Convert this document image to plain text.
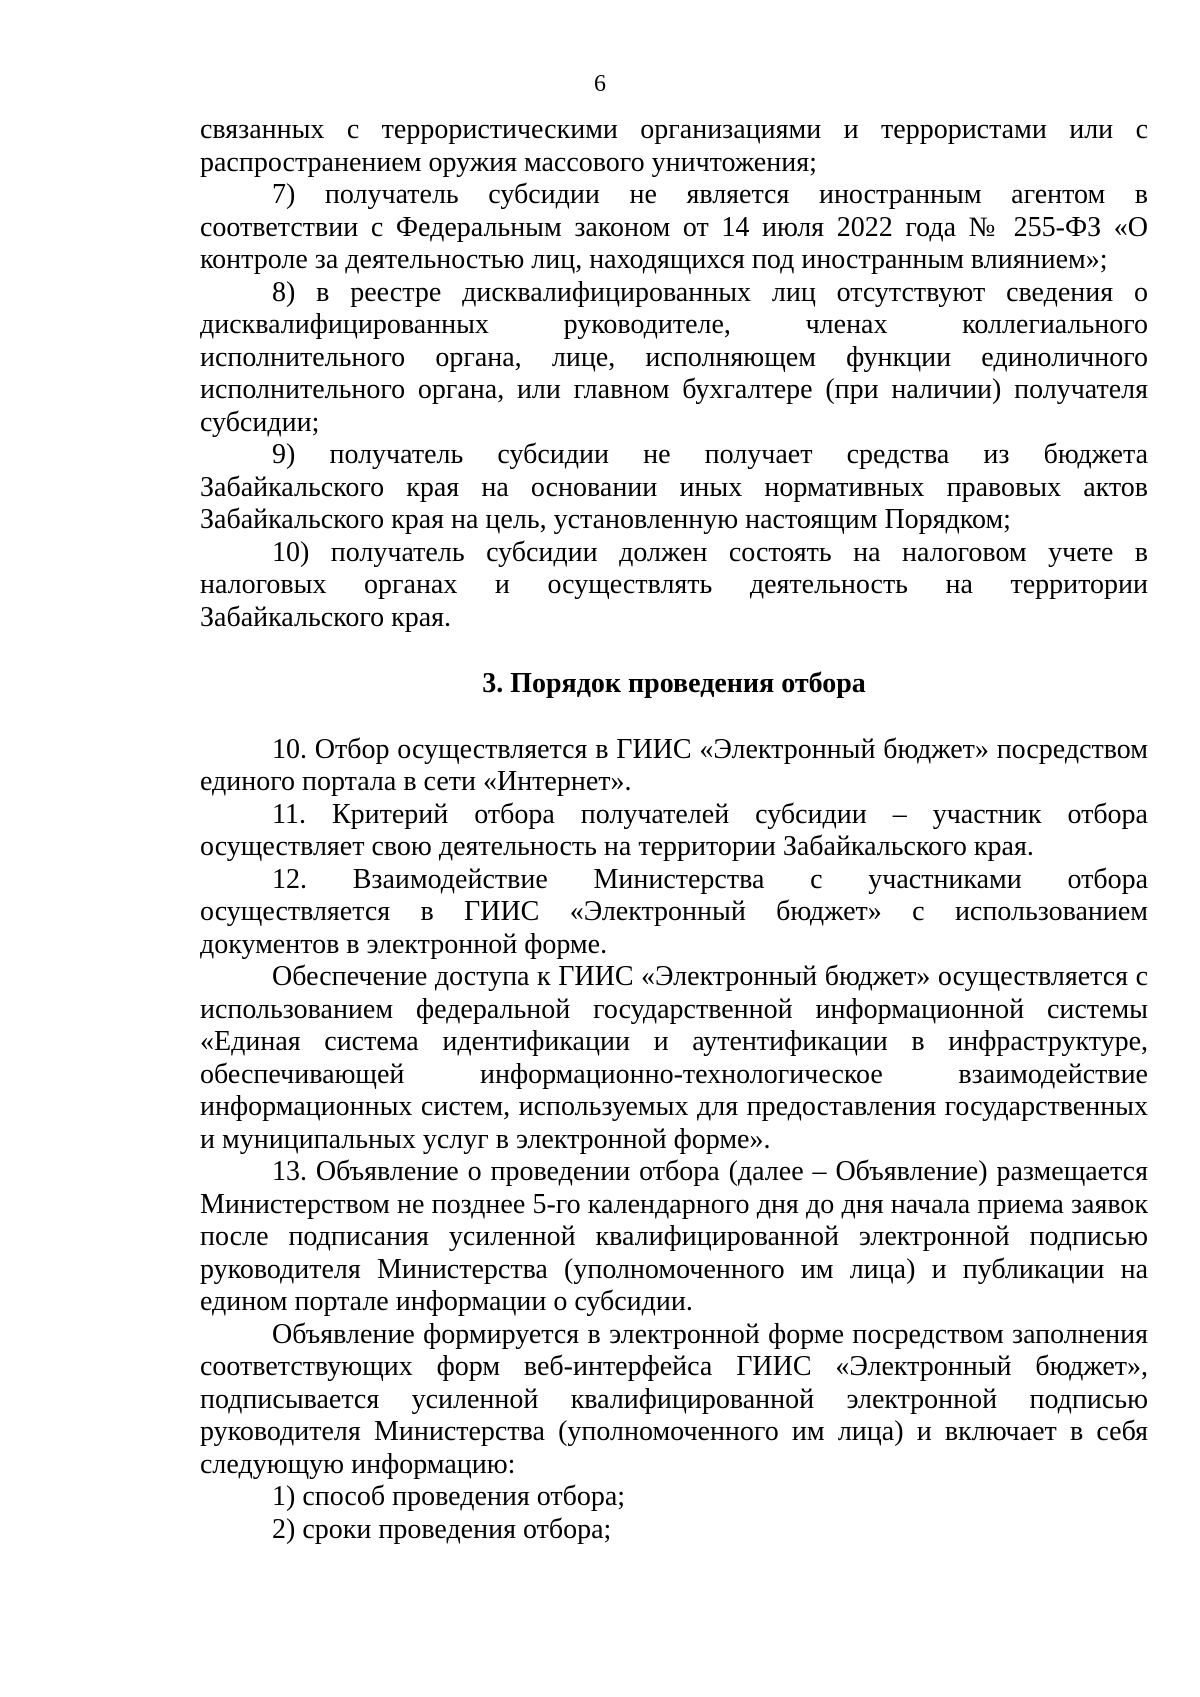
6

связанных с террористическими организациями и террористами или с распространением оружия массового уничтожения;

7) получатель субсидии не является иностранным агентом в соответствии с Федеральным законом от 14 июля 2022 года № 255-ФЗ «О контроле за деятельностью лиц, находящихся под иностранным влиянием»;

8) в реестре дисквалифицированных лиц отсутствуют сведения о дисквалифицированных руководителе, членах коллегиального исполнительного органа, лице, исполняющем функции единоличного исполнительного органа, или главном бухгалтере (при наличии) получателя субсидии;

9) получатель субсидии не получает средства из бюджета Забайкальского края на основании иных нормативных правовых актов Забайкальского края на цель, установленную настоящим Порядком;

10) получатель субсидии должен состоять на налоговом учете в налоговых органах и осуществлять деятельность на территории Забайкальского края.

3. Порядок проведения отбора

10. Отбор осуществляется в ГИИС «Электронный бюджет» посредством единого портала в сети «Интернет».

11. Критерий отбора получателей субсидии – участник отбора осуществляет свою деятельность на территории Забайкальского края.

12. Взаимодействие Министерства с участниками отбора осуществляется в ГИИС «Электронный бюджет» с использованием документов в электронной форме.

Обеспечение доступа к ГИИС «Электронный бюджет» осуществляется с использованием федеральной государственной информационной системы «Единая система идентификации и аутентификации в инфраструктуре, обеспечивающей информационно-технологическое взаимодействие информационных систем, используемых для предоставления государственных и муниципальных услуг в электронной форме».

13. Объявление о проведении отбора (далее – Объявление) размещается Министерством не позднее 5-го календарного дня до дня начала приема заявок после подписания усиленной квалифицированной электронной подписью руководителя Министерства (уполномоченного им лица) и публикации на едином портале информации о субсидии.

Объявление формируется в электронной форме посредством заполнения соответствующих форм веб-интерфейса ГИИС «Электронный бюджет», подписывается усиленной квалифицированной электронной подписью руководителя Министерства (уполномоченного им лица) и включает в себя следующую информацию:

1) способ проведения отбора;

2) сроки проведения отбора;
